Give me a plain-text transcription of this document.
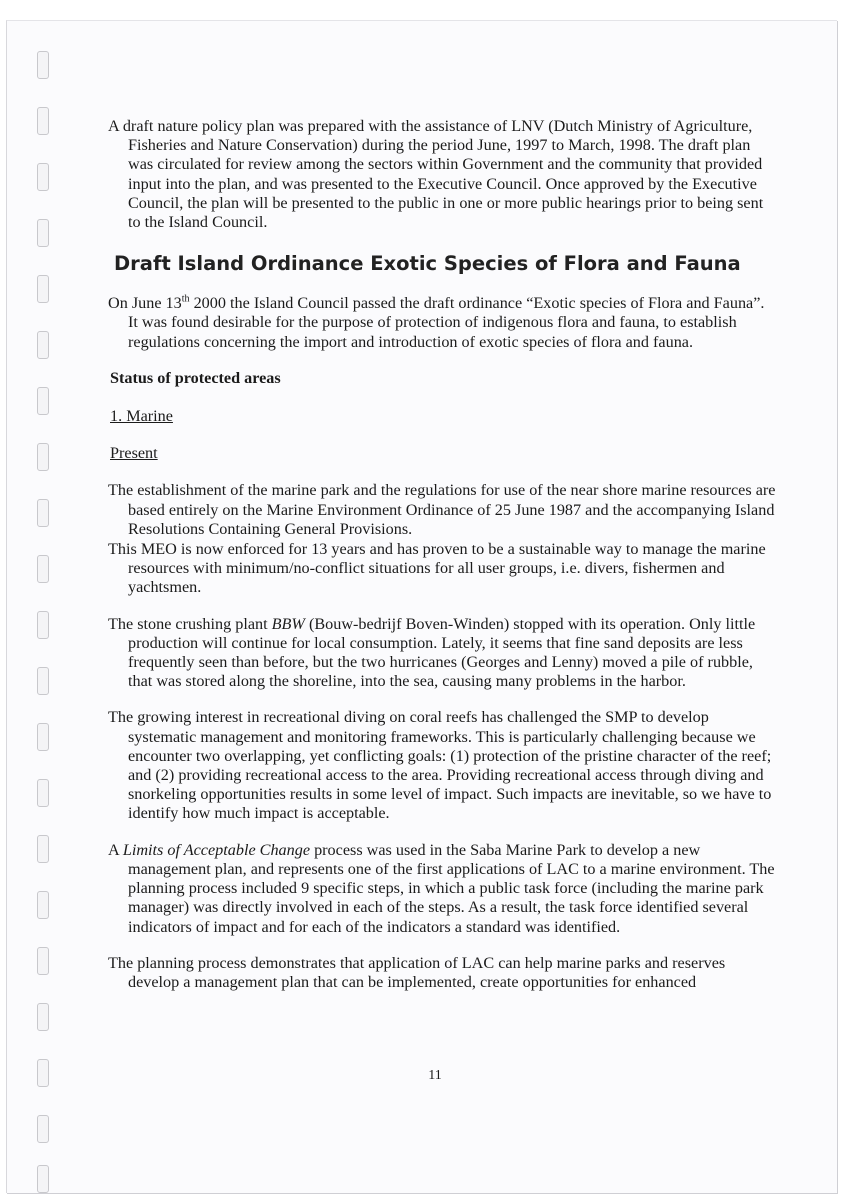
A draft nature policy plan was prepared with the assistance of LNV (Dutch Ministry of Agriculture, Fisheries and Nature Conservation) during the period June, 1997 to March, 1998. The draft plan was circulated for review among the sectors within Government and the community that provided input into the plan, and was presented to the Executive Council. Once approved by the Executive Council, the plan will be presented to the public in one or more public hearings prior to being sent to the Island Council.

Draft Island Ordinance Exotic Species of Flora and Fauna

On June 13th 2000 the Island Council passed the draft ordinance “Exotic species of Flora and Fauna”. It was found desirable for the purpose of protection of indigenous flora and fauna, to establish regulations concerning the import and introduction of exotic species of flora and fauna.

Status of protected areas

1. Marine

Present

The establishment of the marine park and the regulations for use of the near shore marine resources are based entirely on the Marine Environment Ordinance of 25 June 1987 and the accompanying Island Resolutions Containing General Provisions.

This MEO is now enforced for 13 years and has proven to be a sustainable way to manage the marine resources with minimum/no-conflict situations for all user groups, i.e. divers, fishermen and yachtsmen.

The stone crushing plant BBW (Bouw-bedrijf Boven-Winden) stopped with its operation. Only little production will continue for local consumption. Lately, it seems that fine sand deposits are less frequently seen than before, but the two hurricanes (Georges and Lenny) moved a pile of rubble, that was stored along the shoreline, into the sea, causing many problems in the harbor.

The growing interest in recreational diving on coral reefs has challenged the SMP to develop systematic management and monitoring frameworks. This is particularly challenging because we encounter two overlapping, yet conflicting goals: (1) protection of the pristine character of the reef; and (2) providing recreational access to the area. Providing recreational access through diving and snorkeling opportunities results in some level of impact. Such impacts are inevitable, so we have to identify how much impact is acceptable.

A Limits of Acceptable Change process was used in the Saba Marine Park to develop a new management plan, and represents one of the first applications of LAC to a marine environment. The planning process included 9 specific steps, in which a public task force (including the marine park manager) was directly involved in each of the steps. As a result, the task force identified several indicators of impact and for each of the indicators a standard was identified.

The planning process demonstrates that application of LAC can help marine parks and reserves develop a management plan that can be implemented, create opportunities for enhanced

11
